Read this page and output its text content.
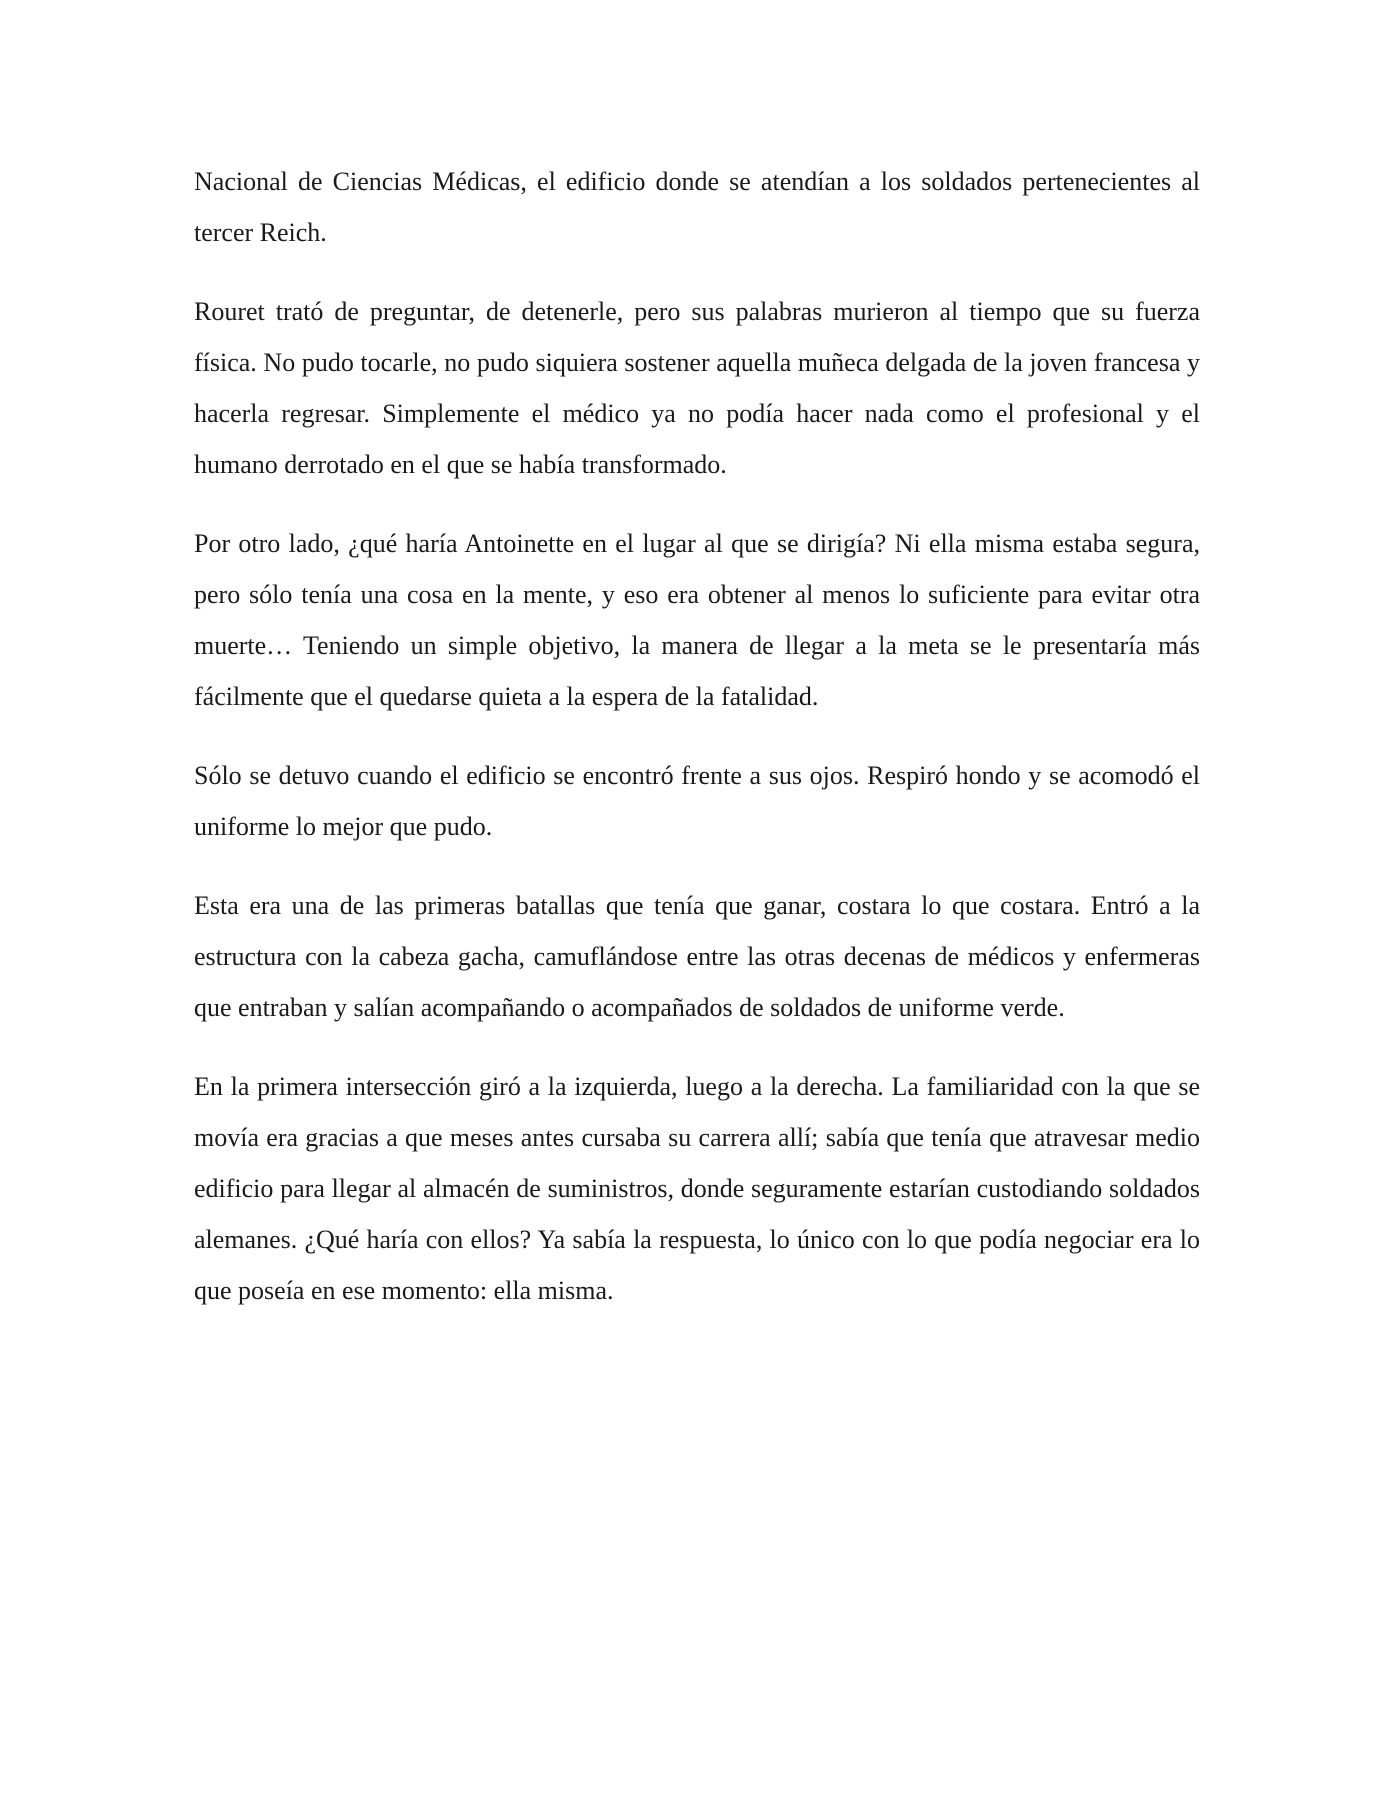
Nacional de Ciencias Médicas, el edificio donde se atendían a los soldados pertenecientes al tercer Reich.

Rouret trató de preguntar, de detenerle, pero sus palabras murieron al tiempo que su fuerza física. No pudo tocarle, no pudo siquiera sostener aquella muñeca delgada de la joven francesa y hacerla regresar. Simplemente el médico ya no podía hacer nada como el profesional y el humano derrotado en el que se había transformado.

Por otro lado, ¿qué haría Antoinette en el lugar al que se dirigía? Ni ella misma estaba segura, pero sólo tenía una cosa en la mente, y eso era obtener al menos lo suficiente para evitar otra muerte… Teniendo un simple objetivo, la manera de llegar a la meta se le presentaría más fácilmente que el quedarse quieta a la espera de la fatalidad.

Sólo se detuvo cuando el edificio se encontró frente a sus ojos. Respiró hondo y se acomodó el uniforme lo mejor que pudo.

Esta era una de las primeras batallas que tenía que ganar, costara lo que costara. Entró a la estructura con la cabeza gacha, camuflándose entre las otras decenas de médicos y enfermeras que entraban y salían acompañando o acompañados de soldados de uniforme verde.

En la primera intersección giró a la izquierda, luego a la derecha. La familiaridad con la que se movía era gracias a que meses antes cursaba su carrera allí; sabía que tenía que atravesar medio edificio para llegar al almacén de suministros, donde seguramente estarían custodiando soldados alemanes. ¿Qué haría con ellos? Ya sabía la respuesta, lo único con lo que podía negociar era lo que poseía en ese momento: ella misma.
